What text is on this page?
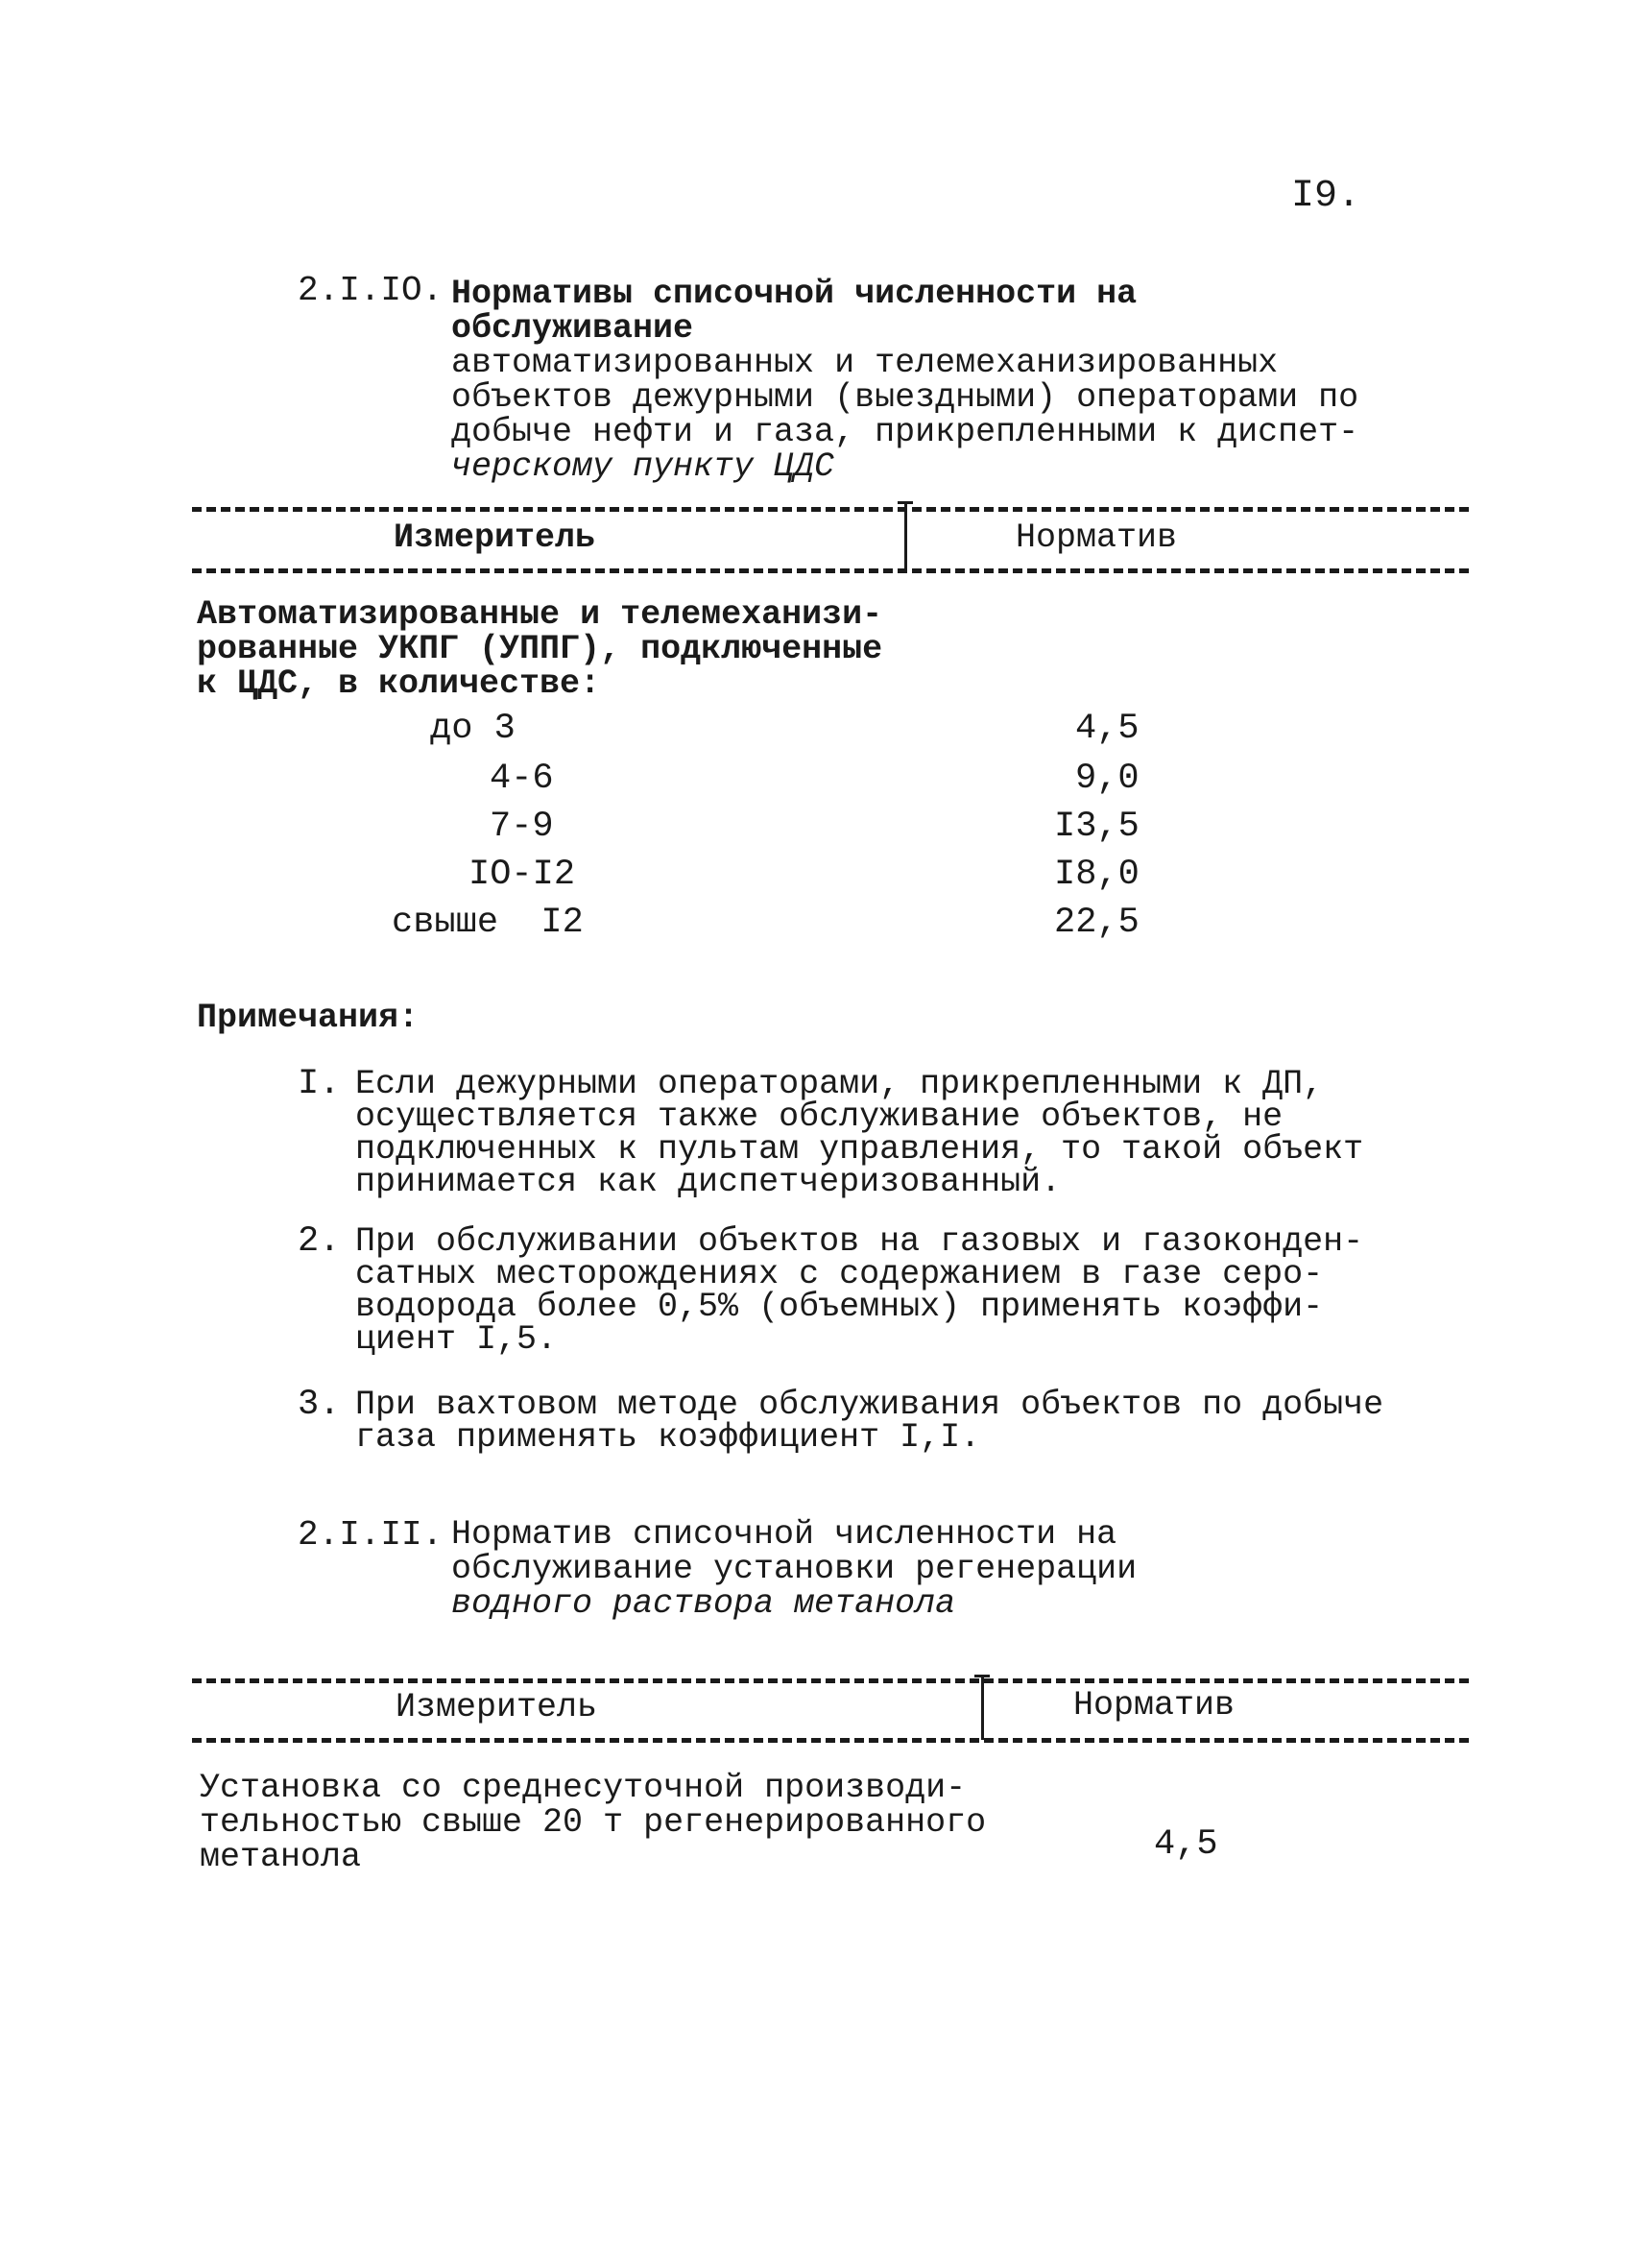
I9.
2.I.IO. Нормативы списочной численности на обслуживание
автоматизированных и телемеханизированных
объектов дежурными (выездными) операторами по
добыче нефти и газа, прикрепленными к диспет-
черскому пункту ЦДС
Измеритель	Норматив
Автоматизированные и телемеханизи-
рованные УКПГ (УППГ), подключенные
к ЦДС, в количестве:
до 3	4,5
4-6	9,0
7-9	I3,5
IO-I2	I8,0
свыше  I2	22,5
Примечания:
I. Если дежурными операторами, прикрепленными к ДП,
осуществляется также обслуживание объектов, не
подключенных к пультам управления, то такой объект
принимается как диспетчеризованный.
2. При обслуживании объектов на газовых и газоконден-
сатных месторождениях с содержанием в газе серо-
водорода более 0,5% (объемных) применять коэффи-
циент I,5.
3. При вахтовом методе обслуживания объектов по добыче
газа применять коэффициент I,I.
2.I.II. Норматив списочной численности на
обслуживание установки регенерации
водного раствора метанола
Измеритель	Норматив
Установка со среднесуточной производи-
тельностью свыше 20 т регенерированного
метанола	4,5
